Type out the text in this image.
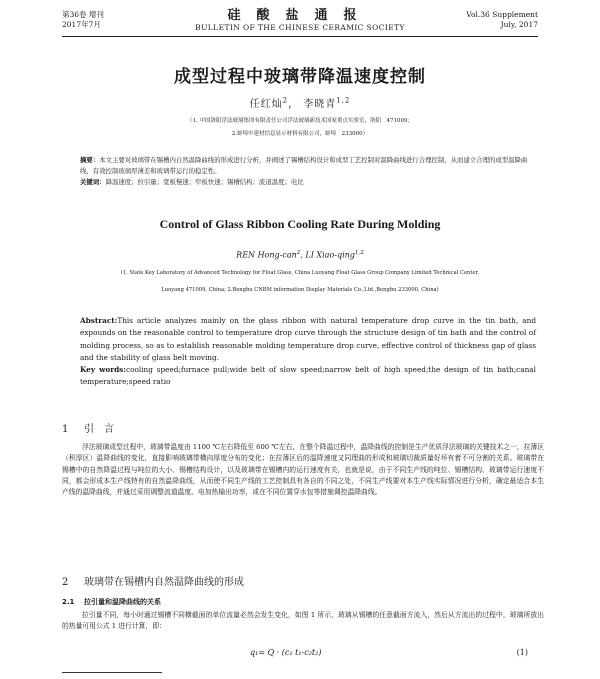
第36卷 增刊
2017年7月
硅酸盐通报
BULLETIN OF THE CHINESE CERAMIC SOCIETY
Vol.36 Supplement
July, 2017
成型过程中玻璃带降温速度控制
任红灿$^2$， 李晓青$^{1,2}$
（1. 中国洛阳浮法玻璃集团有限责任公司浮法玻璃新技术国家重点实验室，洛阳　471009；
2.蚌埠中建材信息显示材料有限公司，蚌埠　233000）
摘要：本文主要对玻璃带在锡槽内自然温降曲线的形成进行分析，并阐述了锡槽结构设计和成型工艺控制对温降曲线进行合理控制，从而建立合理的成型温降曲线，有效控制玻璃厚薄差和玻璃带运行的稳定性。
关键词：降温速度；拉引量；宽板慢速；窄板快速；锡槽结构；流道温度；电比
Control of Glass Ribbon Cooling Rate During Molding
REN Hong-can$^2$, LI Xiao-qing$^{1,2}$
(1. State Key Laboratory of Advanced Technology for Float Glass, China Luoyang Float Glass Group Company Limited Technical Center,
Luoyang 471009, China; 2.Bengbu CNBM information Display Materials Co.,Ltd.,Bengbu 233000, China)
Abstract:This article analyzes mainly on the glass ribbon with natural temperature drop curve in the tin bath, and expounds on the reasonable control to temperature drop curve through the structure design of tin bath and the control of molding process, so as to establish reasonable molding temperature drop curve, effective control of thickness gap of glass and the stability of glass belt moving.
Key words:cooling speed;furnace pull;wide belt of slow speed;narrow belt of high speed;the design of tin bath;canal temperature;speed ratio
1 引　言
浮法玻璃成型过程中，玻璃带温度由 1100 ℃左右降低至 600 ℃左右，在整个降温过程中，温降曲线的控制是生产优质浮法玻璃的关键技术之一，拉薄区（积厚区）温降曲线的变化，直接影响玻璃带横向厚度分布的变化；在拉薄区后的温降速度又同理曲的形成和玻璃切裁质量好坏有着不可分割的关系。玻璃带在锡槽中的自然降温过程与吨位的大小、锡槽结构设计，以及玻璃带在锡槽内的运行速度有关，也就是说，由于不同生产线的吨位、锡槽结构、玻璃带运行速度不同，都会形成本生产线特有的自然温降曲线，从而使不同生产线的工艺控制具有各自的不同之处，不同生产线要对本生产线实际情况进行分析，确定最适合本生产线的温降曲线，并通过采用调整流道温度、电加热输出功率，或在不同位置穿水包等措施调控温降曲线。
2 玻璃带在锡槽内自然温降曲线的形成
2.1 拉引量和温降曲线的关系
拉引量不同，每小时通过锡槽不同横截面的单位流量必然会发生变化，如图 1 所示，玻璃从锡槽的任意截面方流入，然后从方流出的过程中，玻璃所放出的热量可用公式 1 进行计算，即：
q₁= Q · (c₁ t₁-c₂t₂)	(1)
